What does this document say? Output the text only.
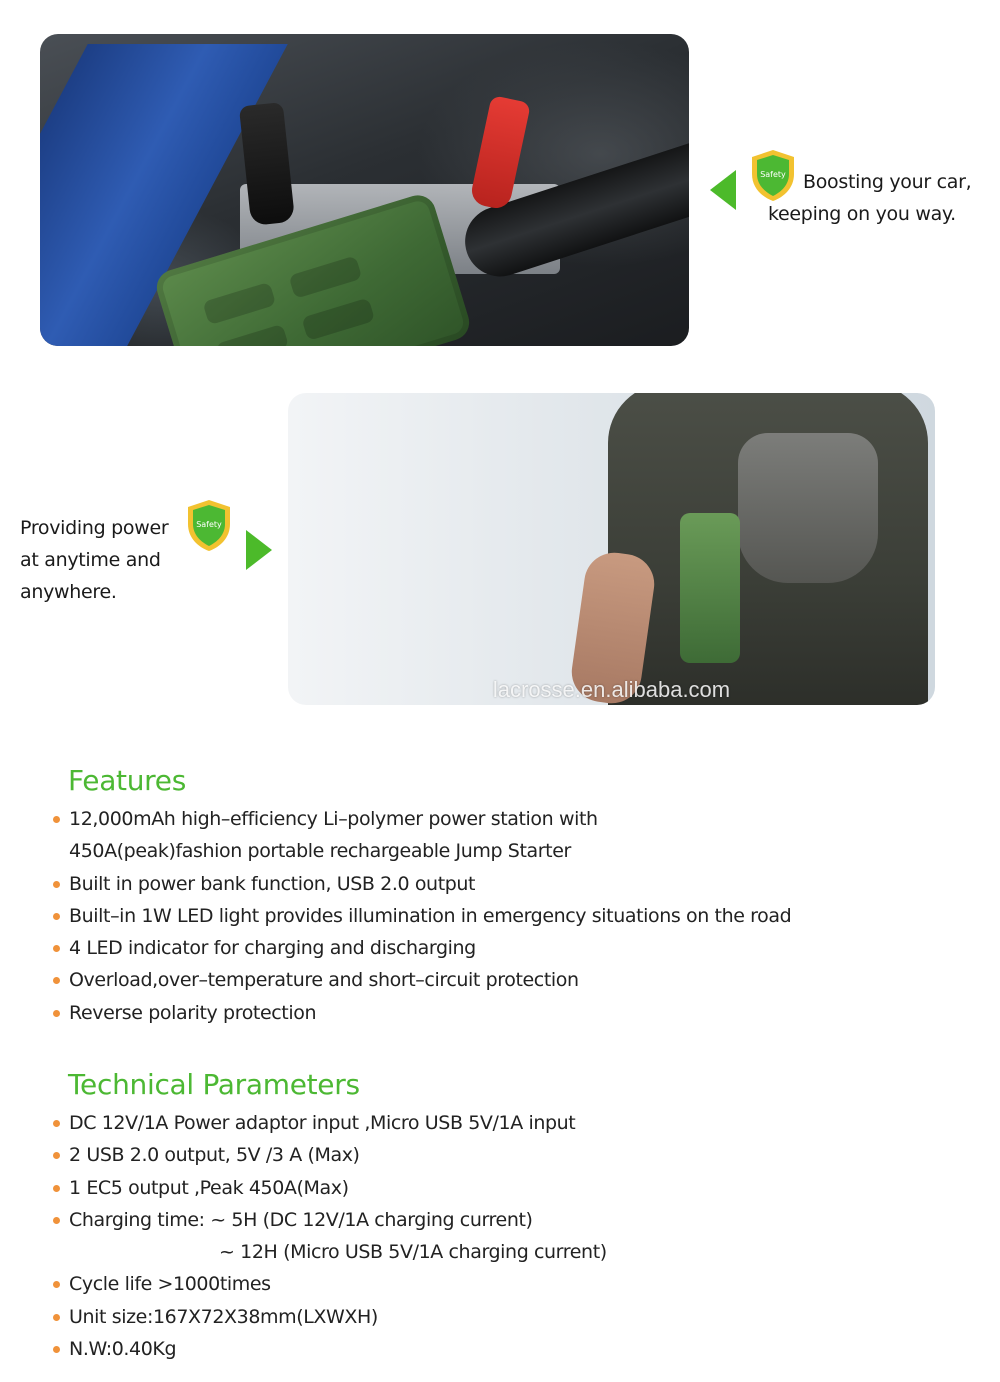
Safety Boosting your car,
keeping on you way.
lacrosse.en.alibaba.com
Providing power
at anytime and
anywhere.
Safety
Features
12,000mAh high–efficiency Li–polymer power station with
450A(peak)fashion portable rechargeable Jump Starter
Built in power bank function, USB 2.0 output
Built–in 1W LED light provides illumination in emergency situations on the road
4 LED indicator for charging and discharging
Overload,over–temperature and short–circuit protection
Reverse polarity protection
Technical Parameters
DC 12V/1A Power adaptor input ,Micro USB 5V/1A input
2 USB 2.0 output, 5V /3 A (Max)
1 EC5 output ,Peak 450A(Max)
Charging time: ~ 5H (DC 12V/1A charging current)
~ 12H (Micro USB 5V/1A charging current)
Cycle life >1000times
Unit size:167X72X38mm(LXWXH)
N.W:0.40Kg
